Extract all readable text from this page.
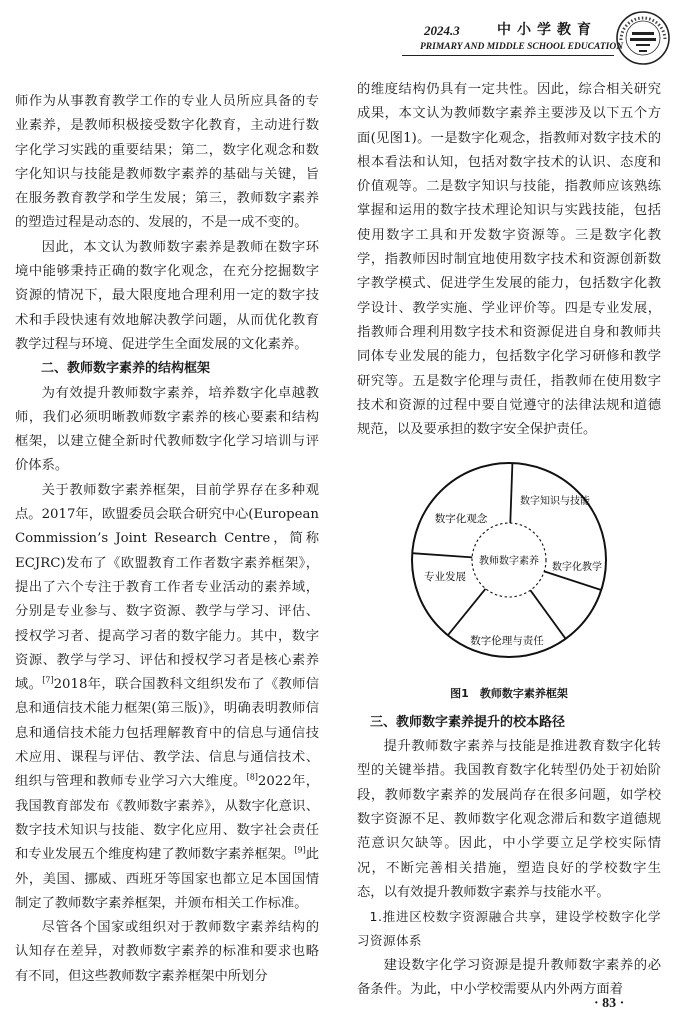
2024.3	中小学教育
PRIMARY AND MIDDLE SCHOOL EDUCATION

师作为从事教育教学工作的专业人员所应具备的专业素养，是教师积极接受数字化教育，主动进行数字化学习实践的重要结果；第二，数字化观念和数字化知识与技能是教师数字素养的基础与关键，旨在服务教育教学和学生发展；第三，教师数字素养的塑造过程是动态的、发展的，不是一成不变的。

因此，本文认为教师数字素养是教师在数字环境中能够秉持正确的数字化观念，在充分挖掘数字资源的情况下，最大限度地合理利用一定的数字技术和手段快速有效地解决教学问题，从而优化教育教学过程与环境、促进学生全面发展的文化素养。

二、教师数字素养的结构框架

为有效提升教师数字素养，培养数字化卓越教师，我们必须明晰教师数字素养的核心要素和结构框架，以建立健全新时代教师数字化学习培训与评价体系。

关于教师数字素养框架，目前学界存在多种观点。2017年，欧盟委员会联合研究中心(European Commission’s Joint Research Centre，简称ECJRC)发布了《欧盟教育工作者数字素养框架》，提出了六个专注于教育工作者专业活动的素养域，分别是专业参与、数字资源、教学与学习、评估、授权学习者、提高学习者的数字能力。其中，数字资源、教学与学习、评估和授权学习者是核心素养域。[7]2018年，联合国教科文组织发布了《教师信息和通信技术能力框架(第三版)》，明确表明教师信息和通信技术能力包括理解教育中的信息与通信技术应用、课程与评估、教学法、信息与通信技术、组织与管理和教师专业学习六大维度。[8]2022年，我国教育部发布《教师数字素养》，从数字化意识、数字技术知识与技能、数字化应用、数字社会责任和专业发展五个维度构建了教师数字素养框架。[9]此外，美国、挪威、西班牙等国家也都立足本国国情制定了教师数字素养框架，并颁布相关工作标准。

尽管各个国家或组织对于教师数字素养结构的认知存在差异，对教师数字素养的标准和要求也略有不同，但这些教师数字素养框架中所划分

的维度结构仍具有一定共性。因此，综合相关研究成果，本文认为教师数字素养主要涉及以下五个方面(见图1)。一是数字化观念，指教师对数字技术的根本看法和认知，包括对数字技术的认识、态度和价值观等。二是数字知识与技能，指教师应该熟练掌握和运用的数字技术理论知识与实践技能，包括使用数字工具和开发数字资源等。三是数字化教学，指教师因时制宜地使用数字技术和资源创新数字教学模式、促进学生发展的能力，包括数字化教学设计、教学实施、学业评价等。四是专业发展，指教师合理利用数字技术和资源促进自身和教师共同体专业发展的能力，包括数字化学习研修和教学研究等。五是数字伦理与责任，指教师在使用数字技术和资源的过程中要自觉遵守的法律法规和道德规范，以及要承担的数字安全保护责任。

教师数字素养
数字化观念
数字知识与技能
数字化教学
数字伦理与责任
专业发展

图1　教师数字素养框架

三、教师数字素养提升的校本路径

提升教师数字素养与技能是推进教育数字化转型的关键举措。我国教育数字化转型仍处于初始阶段，教师数字素养的发展尚存在很多问题，如学校数字资源不足、教师数字化观念滞后和数字道德规范意识欠缺等。因此，中小学要立足学校实际情况，不断完善相关措施，塑造良好的学校数字生态，以有效提升教师数字素养与技能水平。

1.推进区校数字资源融合共享，建设学校数字化学习资源体系

建设数字化学习资源是提升教师数字素养的必备条件。为此，中小学校需要从内外两方面着

· 83 ·
